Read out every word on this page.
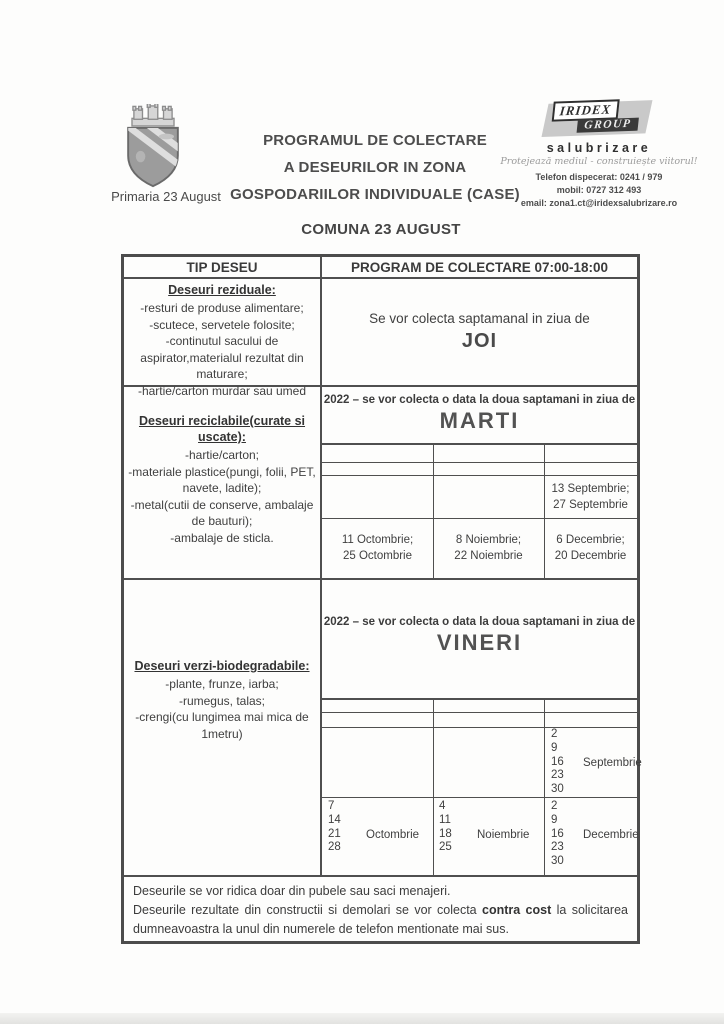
Primaria 23 August
PROGRAMUL DE COLECTARE
A DESEURILOR IN ZONA
GOSPODARIILOR INDIVIDUALE (CASE)
IRIDEX
GROUP
salubrizare
Protejează mediul - construiește viitorul!
Telefon dispecerat: 0241 / 979
mobil: 0727 312 493
email: zona1.ct@iridexsalubrizare.ro
COMUNA 23 AUGUST
TIP DESEU	PROGRAM DE COLECTARE 07:00-18:00
Deseuri reziduale:
-resturi de produse alimentare;
-scutece, servetele folosite;
-continutul sacului de aspirator,materialul rezultat din maturare;
-hartie/carton murdar sau umed
Se vor colecta saptamanal in ziua de
JOI
Deseuri reciclabile(curate si uscate):
-hartie/carton;
-materiale plastice(pungi, folii, PET, navete, ladite);
-metal(cutii de conserve, ambalaje de bauturi);
-ambalaje de sticla.
2022 – se vor colecta o data la doua saptamani in ziua de
MARTI
13 Septembrie;
27 Septembrie
11 Octombrie;
25 Octombrie
8 Noiembrie;
22 Noiembrie
6 Decembrie;
20 Decembrie
Deseuri verzi-biodegradabile:
-plante, frunze, iarba;
-rumegus, talas;
-crengi(cu lungimea mai mica de 1metru)
2022 – se vor colecta o data la doua saptamani in ziua de
VINERI
2
9
16
23
30
Septembrie
7
14
21
28
Octombrie
4
11
18
25
Noiembrie
2
9
16
23
30
Decembrie
Deseurile se vor ridica doar din pubele sau saci menajeri.
Deseurile rezultate din constructii si demolari se vor colecta contra cost la solicitarea dumneavoastra la unul din numerele de telefon mentionate mai sus.
